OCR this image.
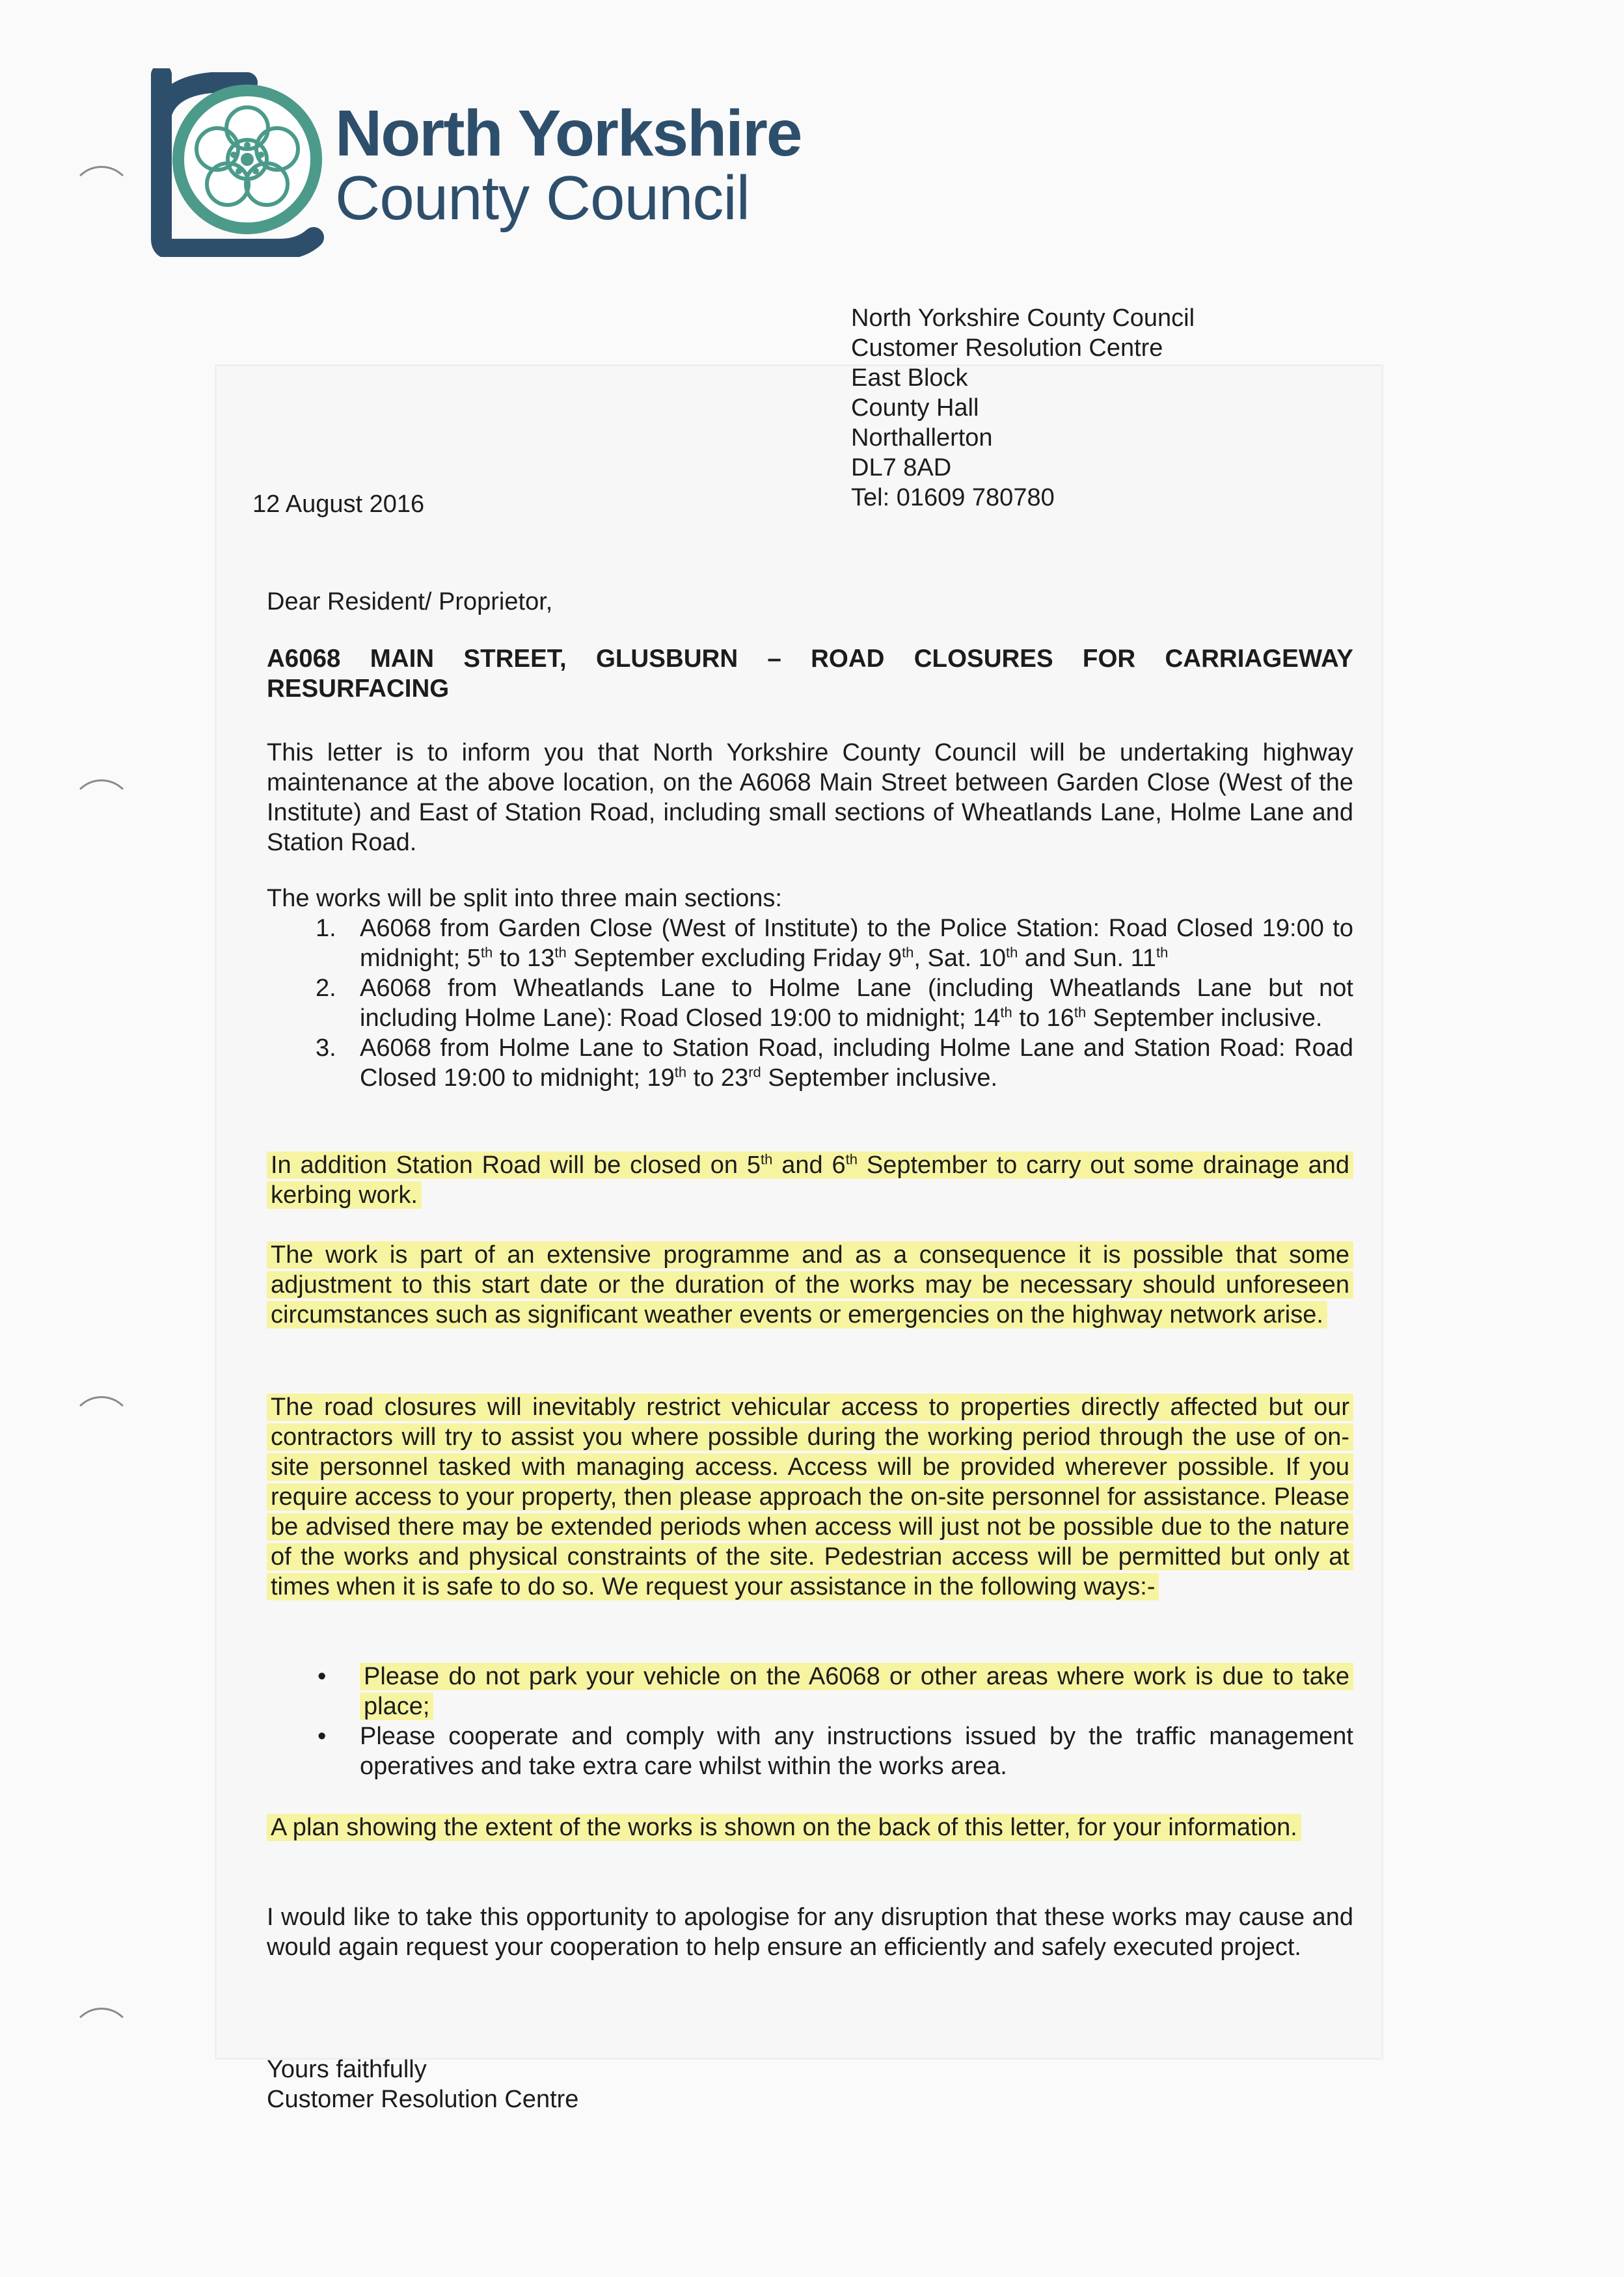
North Yorkshire
County Council
North Yorkshire County Council
Customer Resolution Centre
East Block
County Hall
Northallerton
DL7 8AD
Tel: 01609 780780
12 August 2016
Dear Resident/ Proprietor,
A6068 MAIN STREET, GLUSBURN – ROAD CLOSURES FOR CARRIAGEWAY RESURFACING
This letter is to inform you that North Yorkshire County Council will be undertaking highway maintenance at the above location, on the A6068 Main Street between Garden Close (West of the Institute) and East of Station Road, including small sections of Wheatlands Lane, Holme Lane and Station Road.
The works will be split into three main sections:
1. A6068 from Garden Close (West of Institute) to the Police Station: Road Closed 19:00 to midnight; 5th to 13th September excluding Friday 9th, Sat. 10th and Sun. 11th
2. A6068 from Wheatlands Lane to Holme Lane (including Wheatlands Lane but not including Holme Lane): Road Closed 19:00 to midnight; 14th to 16th September inclusive.
3. A6068 from Holme Lane to Station Road, including Holme Lane and Station Road: Road Closed 19:00 to midnight; 19th to 23rd September inclusive.
In addition Station Road will be closed on 5th and 6th September to carry out some drainage and kerbing work.
The work is part of an extensive programme and as a consequence it is possible that some adjustment to this start date or the duration of the works may be necessary should unforeseen circumstances such as significant weather events or emergencies on the highway network arise.
The road closures will inevitably restrict vehicular access to properties directly affected but our contractors will try to assist you where possible during the working period through the use of on-site personnel tasked with managing access. Access will be provided wherever possible. If you require access to your property, then please approach the on-site personnel for assistance. Please be advised there may be extended periods when access will just not be possible due to the nature of the works and physical constraints of the site. Pedestrian access will be permitted but only at times when it is safe to do so. We request your assistance in the following ways:-
• Please do not park your vehicle on the A6068 or other areas where work is due to take place;
• Please cooperate and comply with any instructions issued by the traffic management operatives and take extra care whilst within the works area.
A plan showing the extent of the works is shown on the back of this letter, for your information.
I would like to take this opportunity to apologise for any disruption that these works may cause and would again request your cooperation to help ensure an efficiently and safely executed project.
Yours faithfully
Customer Resolution Centre
